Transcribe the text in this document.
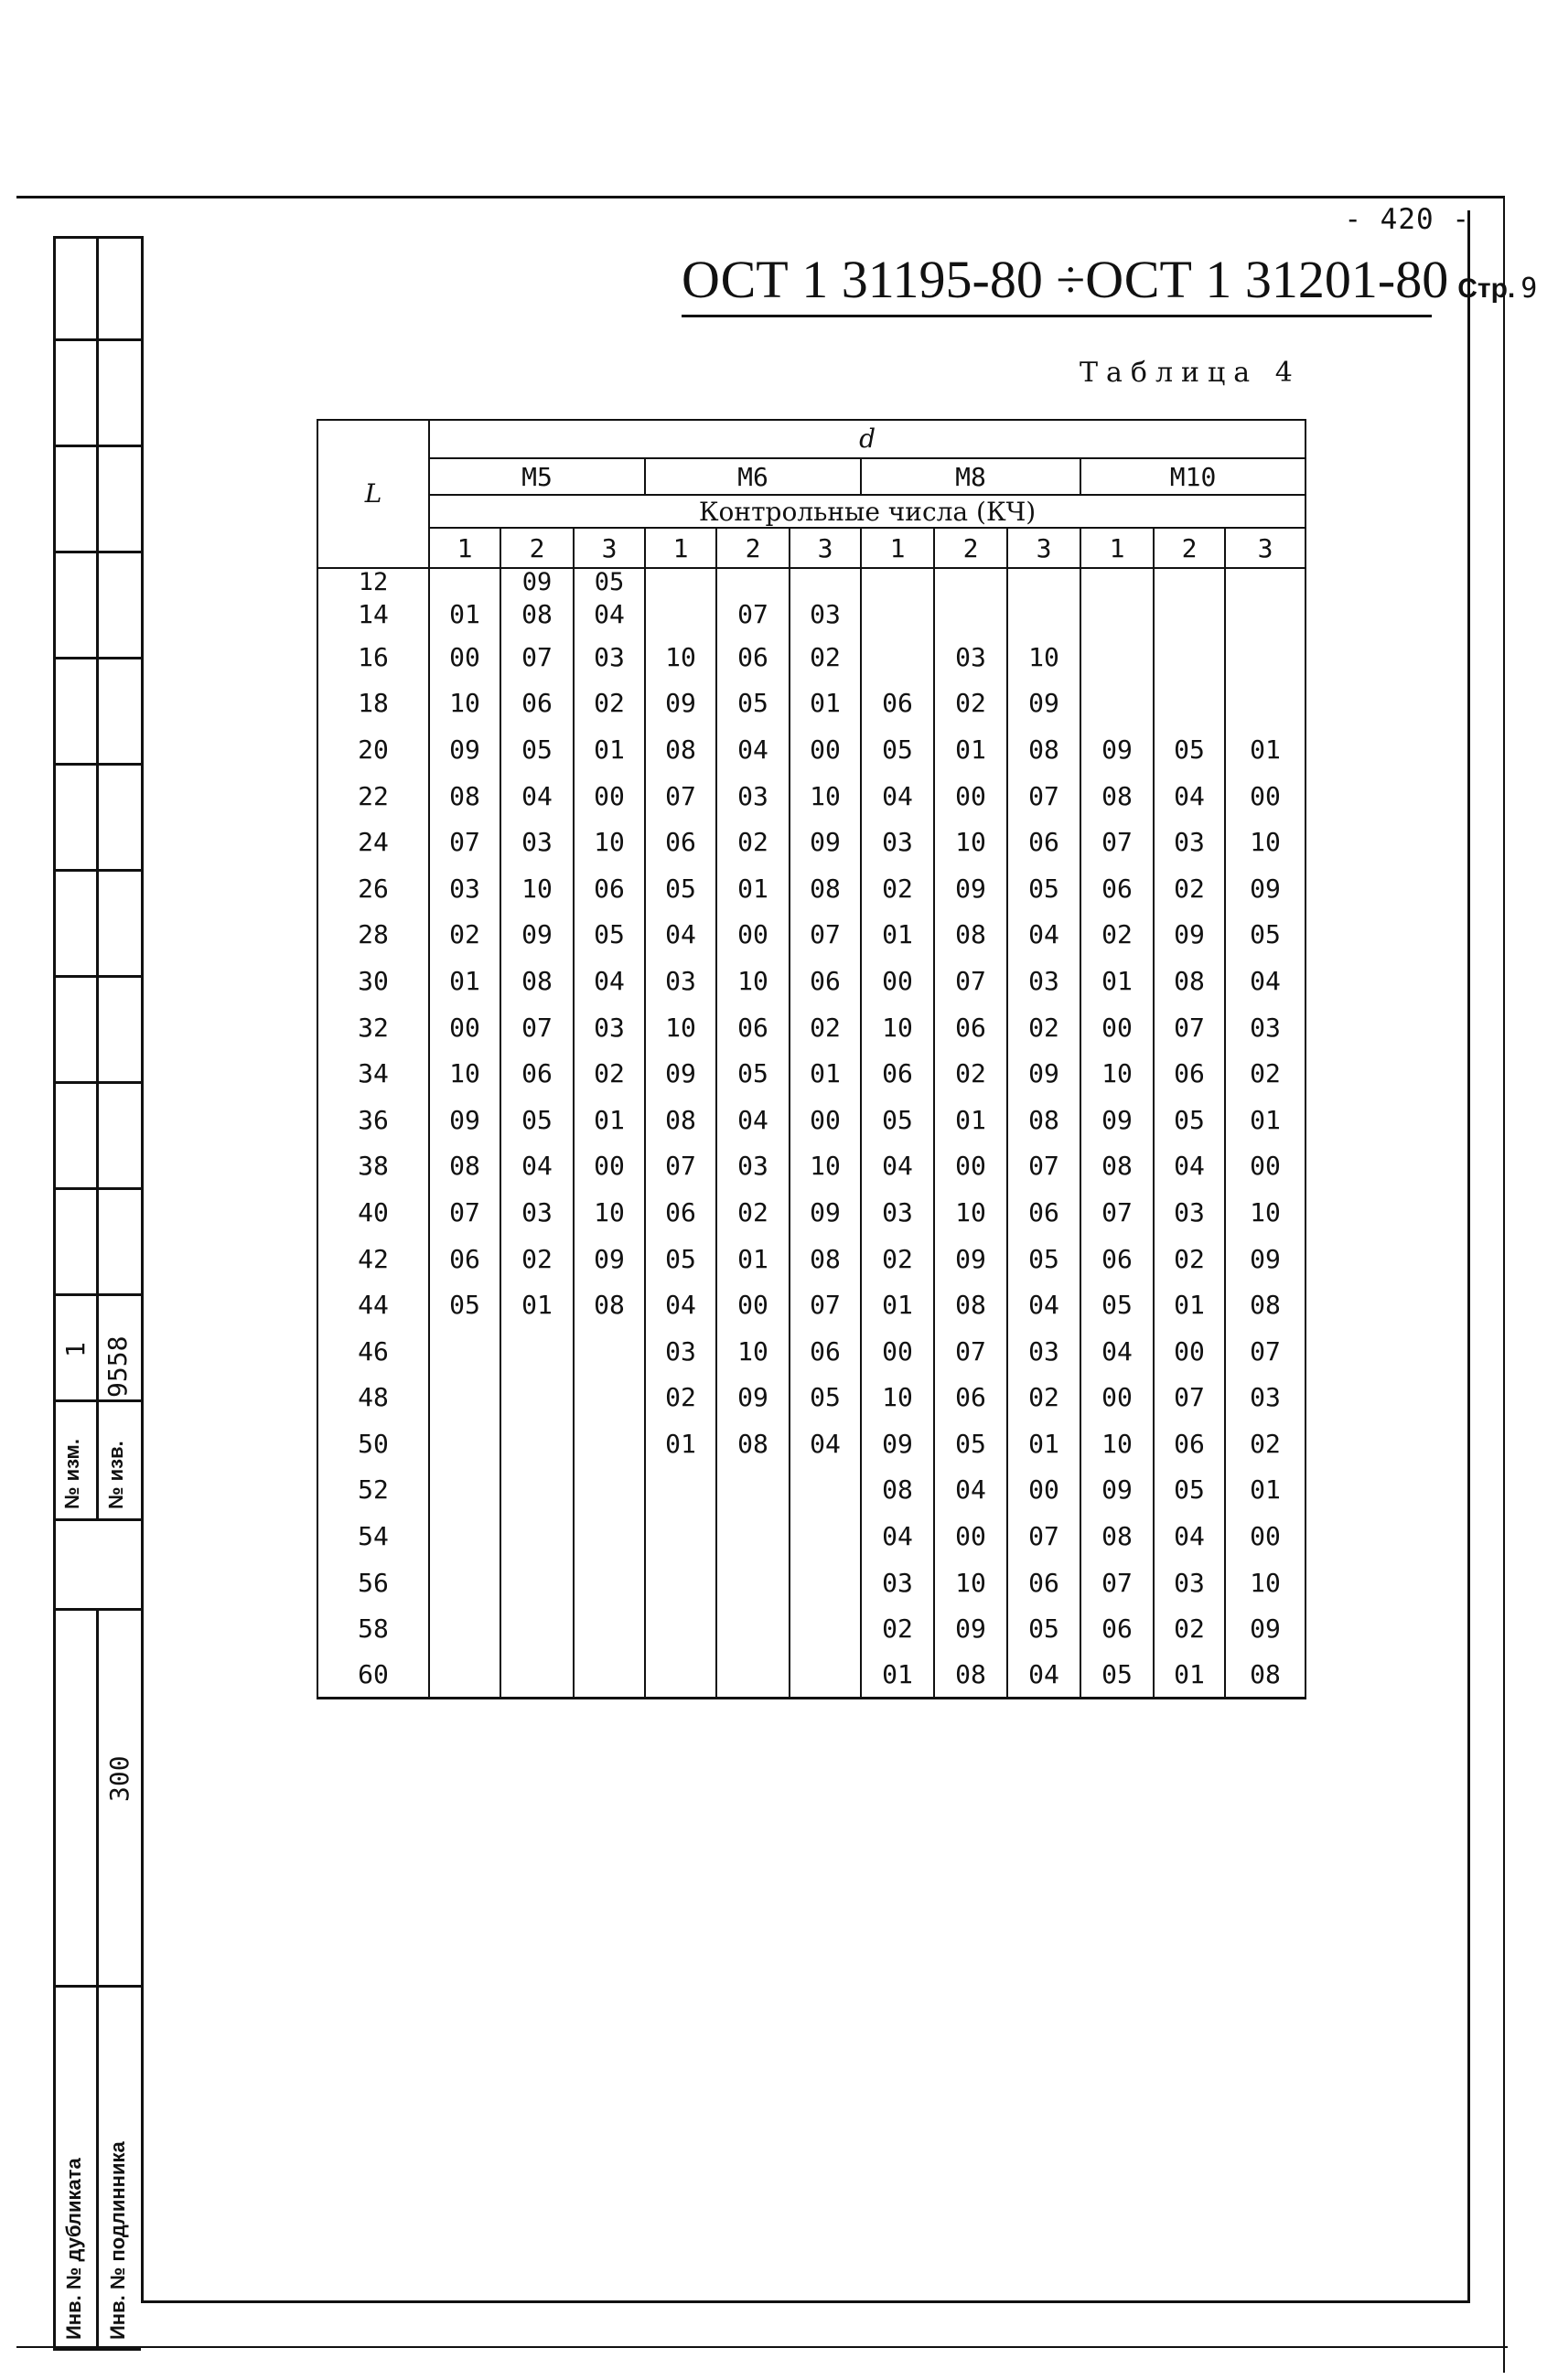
- 420 -
ОСТ 1 31195-80 ÷ОСТ 1 31201-80 Стр. 9
Таблица 4
L	d											
	М5			М6			М8			М10		
	Контрольные числа (КЧ)											
	1	2	3	1	2	3	1	2	3	1	2	3
12		09	05									
14	01	08	04		07	03						
16	00	07	03	10	06	02		03	10			
18	10	06	02	09	05	01	06	02	09			
20	09	05	01	08	04	00	05	01	08	09	05	01
22	08	04	00	07	03	10	04	00	07	08	04	00
24	07	03	10	06	02	09	03	10	06	07	03	10
26	03	10	06	05	01	08	02	09	05	06	02	09
28	02	09	05	04	00	07	01	08	04	02	09	05
30	01	08	04	03	10	06	00	07	03	01	08	04
32	00	07	03	10	06	02	10	06	02	00	07	03
34	10	06	02	09	05	01	06	02	09	10	06	02
36	09	05	01	08	04	00	05	01	08	09	05	01
38	08	04	00	07	03	10	04	00	07	08	04	00
40	07	03	10	06	02	09	03	10	06	07	03	10
42	06	02	09	05	01	08	02	09	05	06	02	09
44	05	01	08	04	00	07	01	08	04	05	01	08
46				03	10	06	00	07	03	04	00	07
48				02	09	05	10	06	02	00	07	03
50				01	08	04	09	05	01	10	06	02
52							08	04	00	09	05	01
54							04	00	07	08	04	00
56							03	10	06	07	03	10
58							02	09	05	06	02	09
60							01	08	04	05	01	08
№ изм.
1
№ изв.
9558
Инв. № дубликата Инв. № подлинника
300
